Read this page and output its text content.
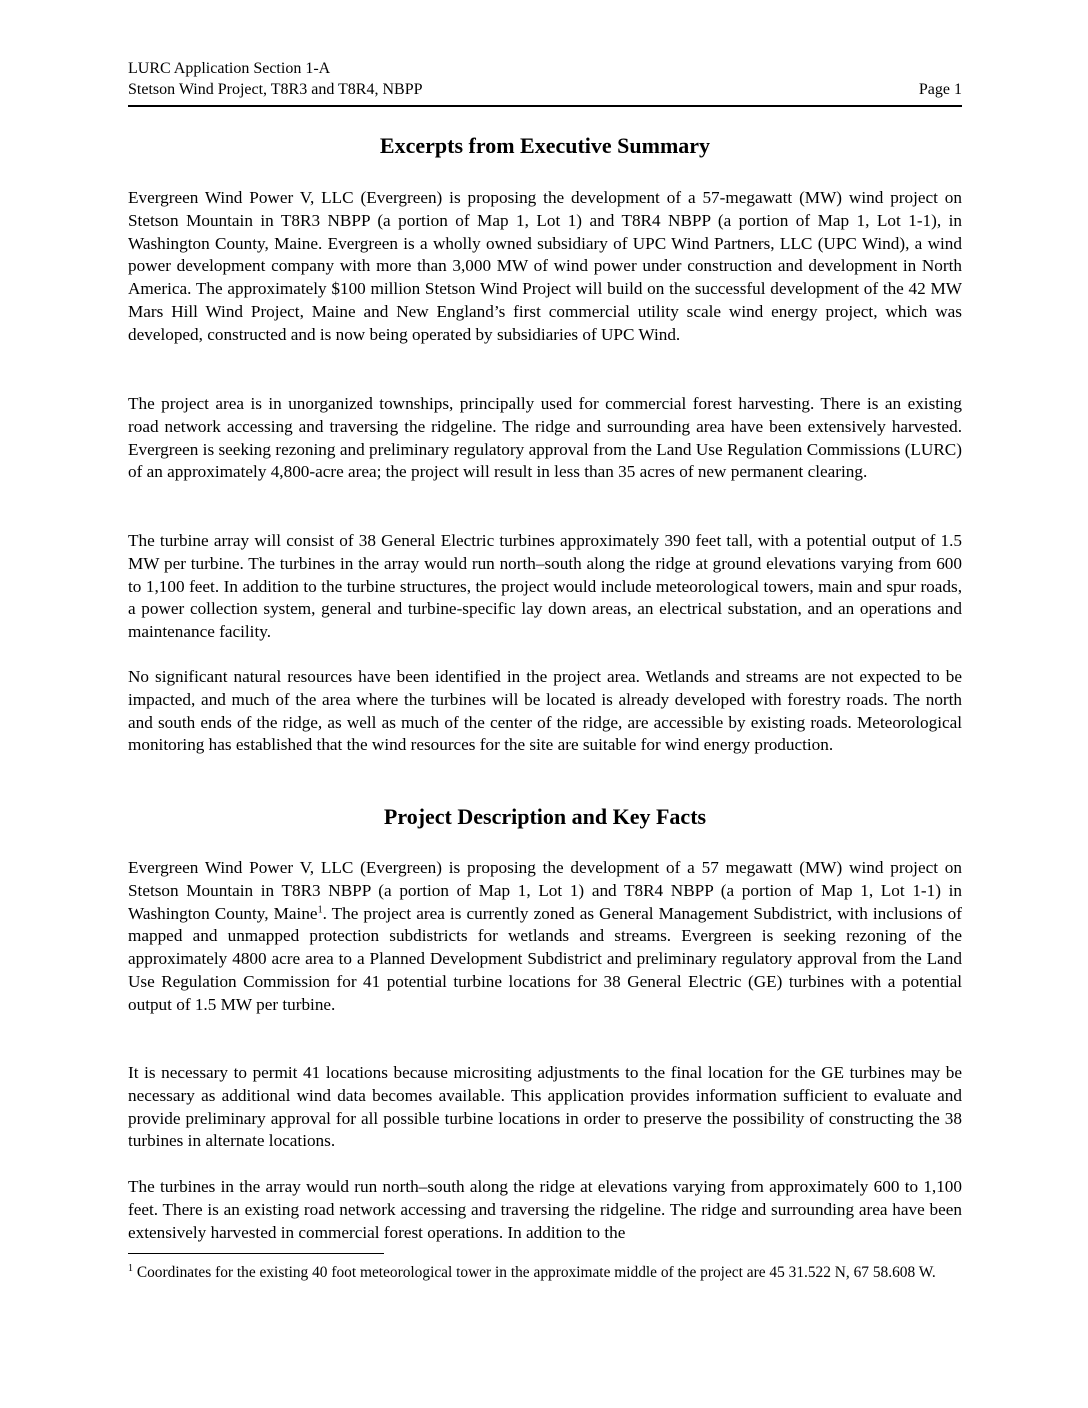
LURC Application Section 1-A
Stetson Wind Project, T8R3 and T8R4, NBPP	Page 1
Excerpts from Executive Summary

Evergreen Wind Power V, LLC (Evergreen) is proposing the development of a 57-megawatt (MW) wind project on Stetson Mountain in T8R3 NBPP (a portion of Map 1, Lot 1) and T8R4 NBPP (a portion of Map 1, Lot 1-1), in Washington County, Maine. Evergreen is a wholly owned subsidiary of UPC Wind Partners, LLC (UPC Wind), a wind power development company with more than 3,000 MW of wind power under construction and development in North America. The approximately $100 million Stetson Wind Project will build on the successful development of the 42 MW Mars Hill Wind Project, Maine and New England’s first commercial utility scale wind energy project, which was developed, constructed and is now being operated by subsidiaries of UPC Wind.

The project area is in unorganized townships, principally used for commercial forest harvesting. There is an existing road network accessing and traversing the ridgeline. The ridge and surrounding area have been extensively harvested. Evergreen is seeking rezoning and preliminary regulatory approval from the Land Use Regulation Commissions (LURC) of an approximately 4,800-acre area; the project will result in less than 35 acres of new permanent clearing.

The turbine array will consist of 38 General Electric turbines approximately 390 feet tall, with a potential output of 1.5 MW per turbine. The turbines in the array would run north–south along the ridge at ground elevations varying from 600 to 1,100 feet. In addition to the turbine structures, the project would include meteorological towers, main and spur roads, a power collection system, general and turbine-specific lay down areas, an electrical substation, and an operations and maintenance facility.

No significant natural resources have been identified in the project area. Wetlands and streams are not expected to be impacted, and much of the area where the turbines will be located is already developed with forestry roads. The north and south ends of the ridge, as well as much of the center of the ridge, are accessible by existing roads. Meteorological monitoring has established that the wind resources for the site are suitable for wind energy production.

Project Description and Key Facts

Evergreen Wind Power V, LLC (Evergreen) is proposing the development of a 57 megawatt (MW) wind project on Stetson Mountain in T8R3 NBPP (a portion of Map 1, Lot 1) and T8R4 NBPP (a portion of Map 1, Lot 1-1) in Washington County, Maine$^1$. The project area is currently zoned as General Management Subdistrict, with inclusions of mapped and unmapped protection subdistricts for wetlands and streams. Evergreen is seeking rezoning of the approximately 4800 acre area to a Planned Development Subdistrict and preliminary regulatory approval from the Land Use Regulation Commission for 41 potential turbine locations for 38 General Electric (GE) turbines with a potential output of 1.5 MW per turbine.

It is necessary to permit 41 locations because micrositing adjustments to the final location for the GE turbines may be necessary as additional wind data becomes available. This application provides information sufficient to evaluate and provide preliminary approval for all possible turbine locations in order to preserve the possibility of constructing the 38 turbines in alternate locations.

The turbines in the array would run north–south along the ridge at elevations varying from approximately 600 to 1,100 feet. There is an existing road network accessing and traversing the ridgeline. The ridge and surrounding area have been extensively harvested in commercial forest operations. In addition to the

$^1$ Coordinates for the existing 40 foot meteorological tower in the approximate middle of the project are 45 31.522 N, 67 58.608 W.
